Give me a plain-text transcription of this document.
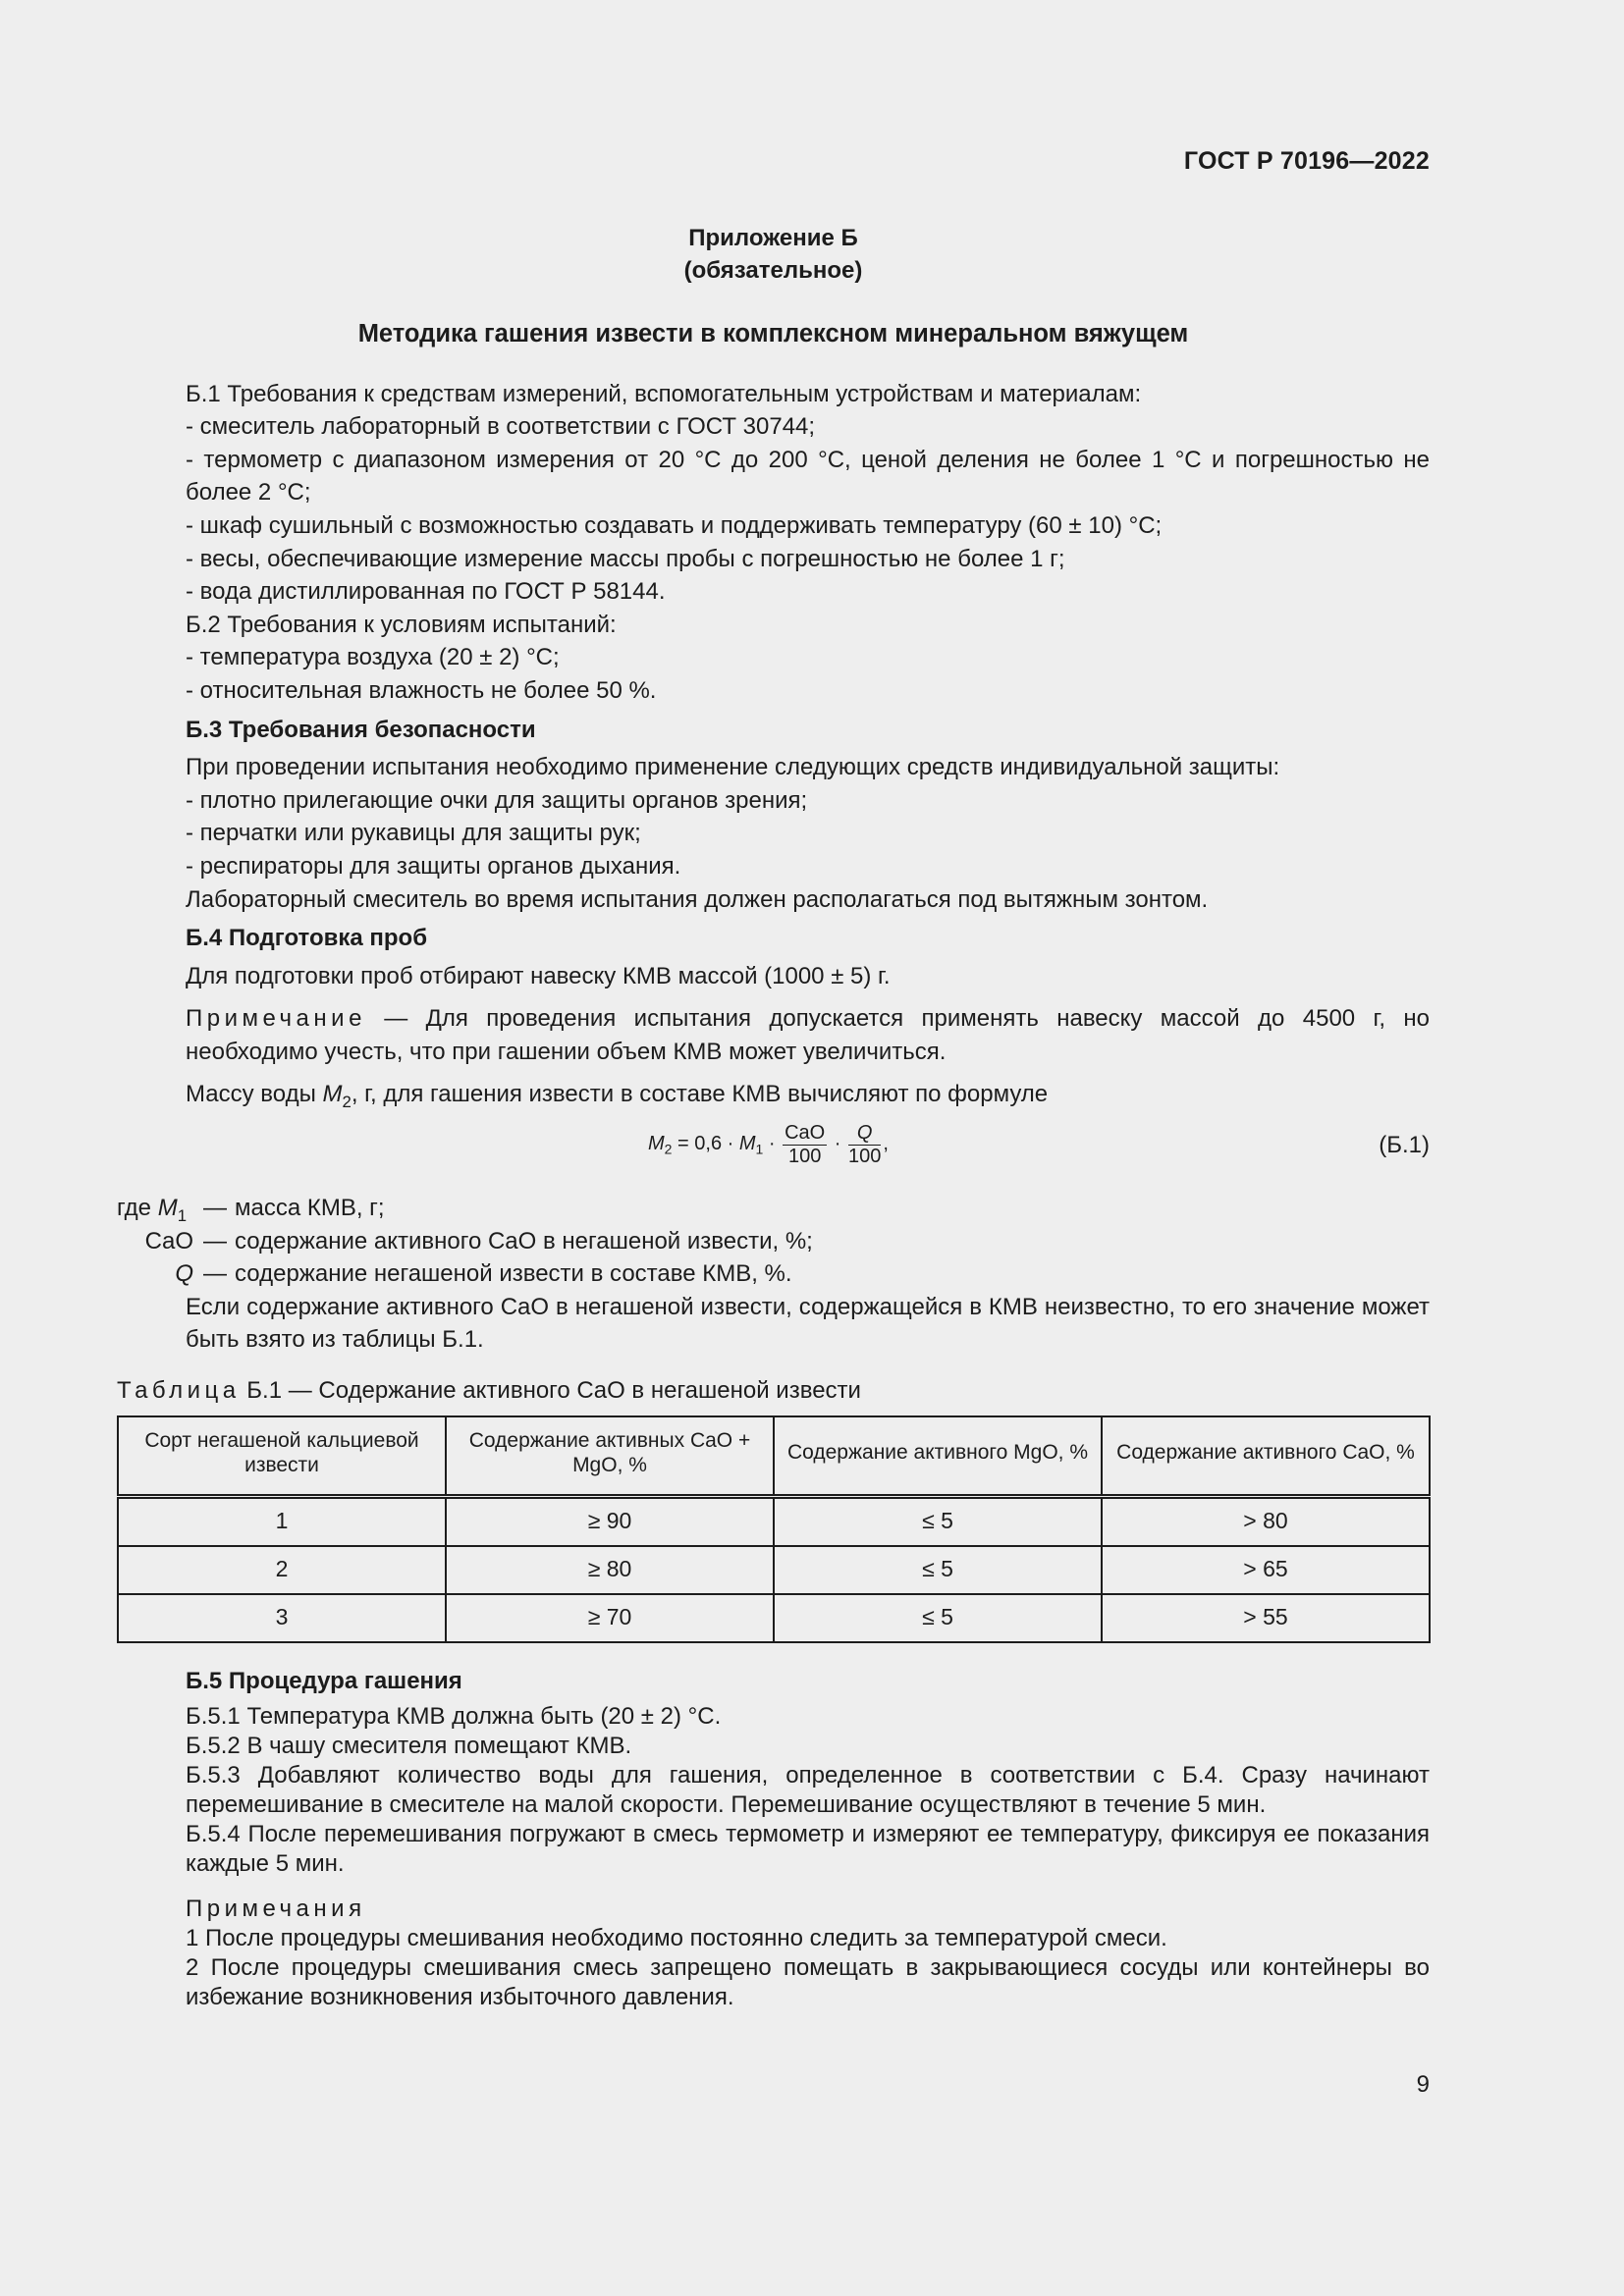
ГОСТ Р 70196—2022
Приложение Б
(обязательное)
Методика гашения извести в комплексном минеральном вяжущем

Б.1 Требования к средствам измерений, вспомогательным устройствам и материалам:

- смеситель лабораторный в соответствии с ГОСТ 30744;

- термометр с диапазоном измерения от 20 °С до 200 °С, ценой деления не более 1 °С и погрешностью не более 2 °С;

- шкаф сушильный с возможностью создавать и поддерживать температуру (60 ± 10) °С;

- весы, обеспечивающие измерение массы пробы с погрешностью не более 1 г;

- вода дистиллированная по ГОСТ Р 58144.

Б.2 Требования к условиям испытаний:

- температура воздуха (20 ± 2) °С;

- относительная влажность не более 50 %.

Б.3 Требования безопасности

При проведении испытания необходимо применение следующих средств индивидуальной защиты:

- плотно прилегающие очки для защиты органов зрения;

- перчатки или рукавицы для защиты рук;

- респираторы для защиты органов дыхания.

Лабораторный смеситель во время испытания должен располагаться под вытяжным зонтом.

Б.4 Подготовка проб

Для подготовки проб отбирают навеску КМВ массой (1000 ± 5) г.

Примечание — Для проведения испытания допускается применять навеску массой до 4500 г, но необходимо учесть, что при гашении объем КМВ может увеличиться.

Массу воды $M_2$, г, для гашения извести в составе КМВ вычисляют по формуле

$M_2 = 0,6 \cdot M_1 \cdot \frac{\text{CaO}}{100} \cdot \frac{Q}{100}$ ,	(Б.1)
где $M_1$ — масса КМВ, г;
CaO — содержание активного CaO в негашеной извести, %;
Q — содержание негашеной извести в составе КМВ, %.

Если содержание активного CaO в негашеной извести, содержащейся в КМВ неизвестно, то его значение может быть взято из таблицы Б.1.

Таблица Б.1 — Содержание активного CaO в негашеной извести

Сорт негашеной кальциевой извести	Содержание активных CaO + MgO, %	Содержание активного MgO, %	Содержание активного CaO, %
1	≥ 90	≤ 5	> 80
2	≥ 80	≤ 5	> 65
3	≥ 70	≤ 5	> 55

Б.5 Процедура гашения

Б.5.1 Температура КМВ должна быть (20 ± 2) °С.

Б.5.2 В чашу смесителя помещают КМВ.

Б.5.3 Добавляют количество воды для гашения, определенное в соответствии с Б.4. Сразу начинают перемешивание в смесителе на малой скорости. Перемешивание осуществляют в течение 5 мин.

Б.5.4 После перемешивания погружают в смесь термометр и измеряют ее температуру, фиксируя ее показания каждые 5 мин.

Примечания

1 После процедуры смешивания необходимо постоянно следить за температурой смеси.

2 После процедуры смешивания смесь запрещено помещать в закрывающиеся сосуды или контейнеры во избежание возникновения избыточного давления.

9
